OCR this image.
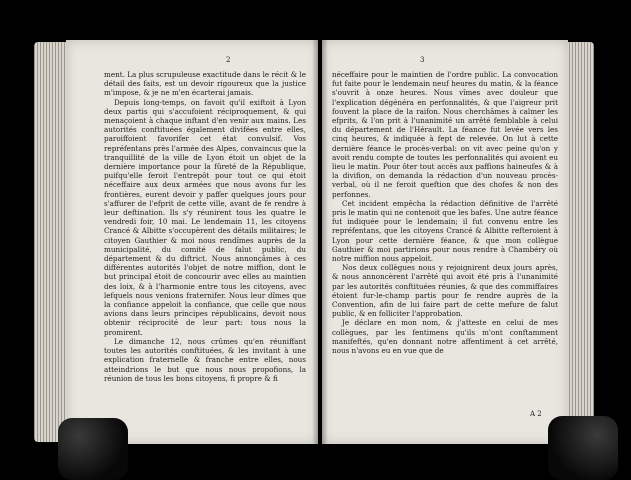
2

ment. La plus scrupuleuse exactitude dans le récit & le détail des faits, est un devoir rigoureux que la justice m'impose, & je ne m'en écarterai jamais.

Depuis long-temps, on favoit qu'il exiftoit à Lyon deux partis qui s'accufoient réciproquement, & qui menaçoient à chaque inftant d'en venir aux mains. Les autorités conftituées également divifées entre elles, paroiffoient favorifer cet état convulsif. Vos repréfentans près l'armée des Alpes, convaincus que la tranquillité de la ville de Lyon étoit un objet de la dernière importance pour la fûreté de la République, puifqu'elle feroit l'entrepôt pour tout ce qui étoit néceffaire aux deux armées que nous avons fur les frontières, eurent devoir y paffer quelques jours pour s'affurer de l'efprit de cette ville, avant de fe rendre à leur deftination. Ils s'y réunirent tous les quatre le vendredi foir, 10 mai. Le lendemain 11, les citoyens Crancé & Albitte s'occupèrent des détails militaires; le citoyen Gauthier & moi nous rendîmes auprès de la municipalité, du comité de falut public, du département & du diftrict. Nous annonçâmes à ces différentes autorités l'objet de notre miffion, dont le but principal étoit de concourir avec elles au maintien des loix, & à l'harmonie entre tous les citoyens, avec lefquels nous venions fraternifer. Nous leur dîmes que la confiance appeloit la confiance, que celle que nous avions dans leurs principes républicains, devoit nous obtenir réciprocité de leur part: tous nous la promirent.

Le dimanche 12, nous crûmes qu'en réuniffant toutes les autorités conftituées, & les invitant à une explication fraternelle & franche entre elles, nous atteindrions le but que nous nous propofions, la réunion de tous les bons citoyens, fi propre & fi

3

néceffaire pour le maintien de l'ordre public. La convocation fut faite pour le lendemain neuf heures du matin, & la féance s'ouvrit à onze heures. Nous vîmes avec douleur que l'explication dégénéra en perfonnalités, & que l'aigreur prit fouvent la place de la raifon. Nous cherchâmes à calmer les efprits, & l'on prit à l'unanimité un arrêté femblable à celui du département de l'Hérault. La féance fut levée vers les cinq heures, & indiquée à fept de relevée. On lut à cette dernière féance le procès-verbal: on vit avec peine qu'on y avoit rendu compte de toutes les perfonnalités qui avoient eu lieu le matin. Pour ôter tout accès aux paffions haineufes & à la divifion, on demanda la rédaction d'un nouveau procès-verbal, où il ne feroit queftion que des chofes & non des perfonnes.

Cet incident empêcha la rédaction définitive de l'arrêté pris le matin qui ne contenoit que les bafes. Une autre féance fut indiquée pour le lendemain; il fut convenu entre les repréfentans, que les citoyens Crancé & Albitte refteroient à Lyon pour cette dernière féance, & que mon collègue Gauthier & moi partirions pour nous rendre à Chambéry où notre miffion nous appeloit.

Nos deux collègues nous y rejoignirent deux jours après, & nous annoncèrent l'arrêté qui avoit été pris à l'unanimité par les autorités conftituées réunies, & que des commiffaires étoient fur-le-champ partis pour fe rendre auprès de la Convention, afin de lui faire part de cette mefure de falut public, & en folliciter l'approbation.

Je déclare en mon nom, & j'atteste en celui de mes collègues, par les fentimens qu'ils m'ont conftamment manifeftés, qu'en donnant notre affentiment à cet arrêté, nous n'avons eu en vue que de

A 2
